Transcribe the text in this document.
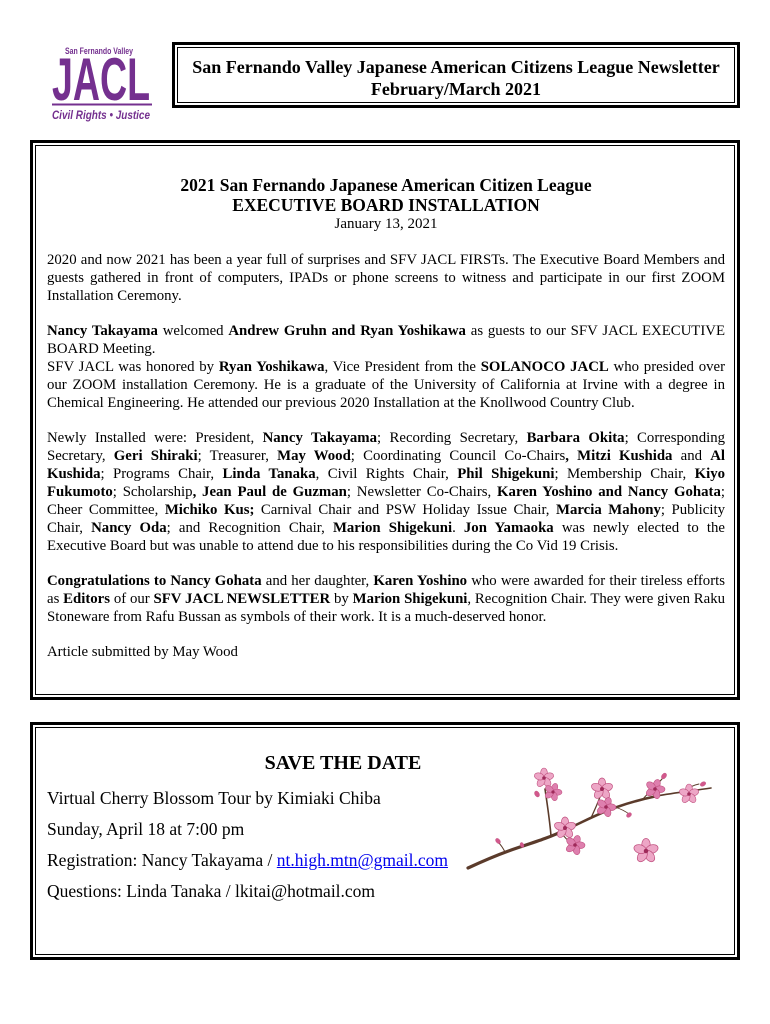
San Fernando Valley
JACL
Civil Rights • Justice
San Fernando Valley Japanese American Citizens League Newsletter
February/March 2021
2021 San Fernando Japanese American Citizen League
EXECUTIVE BOARD INSTALLATION
January 13, 2021

2020 and now 2021 has been a year full of surprises and SFV JACL FIRSTs. The Executive Board Members and guests gathered in front of computers, IPADs or phone screens to witness and participate in our first ZOOM Installation Ceremony.

Nancy Takayama welcomed Andrew Gruhn and Ryan Yoshikawa as guests to our SFV JACL EXECUTIVE BOARD Meeting.

SFV JACL was honored by Ryan Yoshikawa, Vice President from the SOLANOCO JACL who presided over our ZOOM installation Ceremony. He is a graduate of the University of California at Irvine with a degree in Chemical Engineering. He attended our previous 2020 Installation at the Knollwood Country Club.

Newly Installed were: President, Nancy Takayama; Recording Secretary, Barbara Okita; Corresponding Secretary, Geri Shiraki; Treasurer, May Wood; Coordinating Council Co-Chairs, Mitzi Kushida and Al Kushida; Programs Chair, Linda Tanaka, Civil Rights Chair, Phil Shigekuni; Membership Chair, Kiyo Fukumoto; Scholarship, Jean Paul de Guzman; Newsletter Co-Chairs, Karen Yoshino and Nancy Gohata; Cheer Committee, Michiko Kus; Carnival Chair and PSW Holiday Issue Chair, Marcia Mahony; Publicity Chair, Nancy Oda; and Recognition Chair, Marion Shigekuni. Jon Yamaoka was newly elected to the Executive Board but was unable to attend due to his responsibilities during the Co Vid 19 Crisis.

Congratulations to Nancy Gohata and her daughter, Karen Yoshino who were awarded for their tireless efforts as Editors of our SFV JACL NEWSLETTER by Marion Shigekuni, Recognition Chair. They were given Raku Stoneware from Rafu Bussan as symbols of their work. It is a much-deserved honor.

Article submitted by May Wood

SAVE THE DATE
Virtual Cherry Blossom Tour by Kimiaki Chiba
Sunday, April 18 at 7:00 pm
Registration: Nancy Takayama / nt.high.mtn@gmail.com
Questions: Linda Tanaka / lkitai@hotmail.com
